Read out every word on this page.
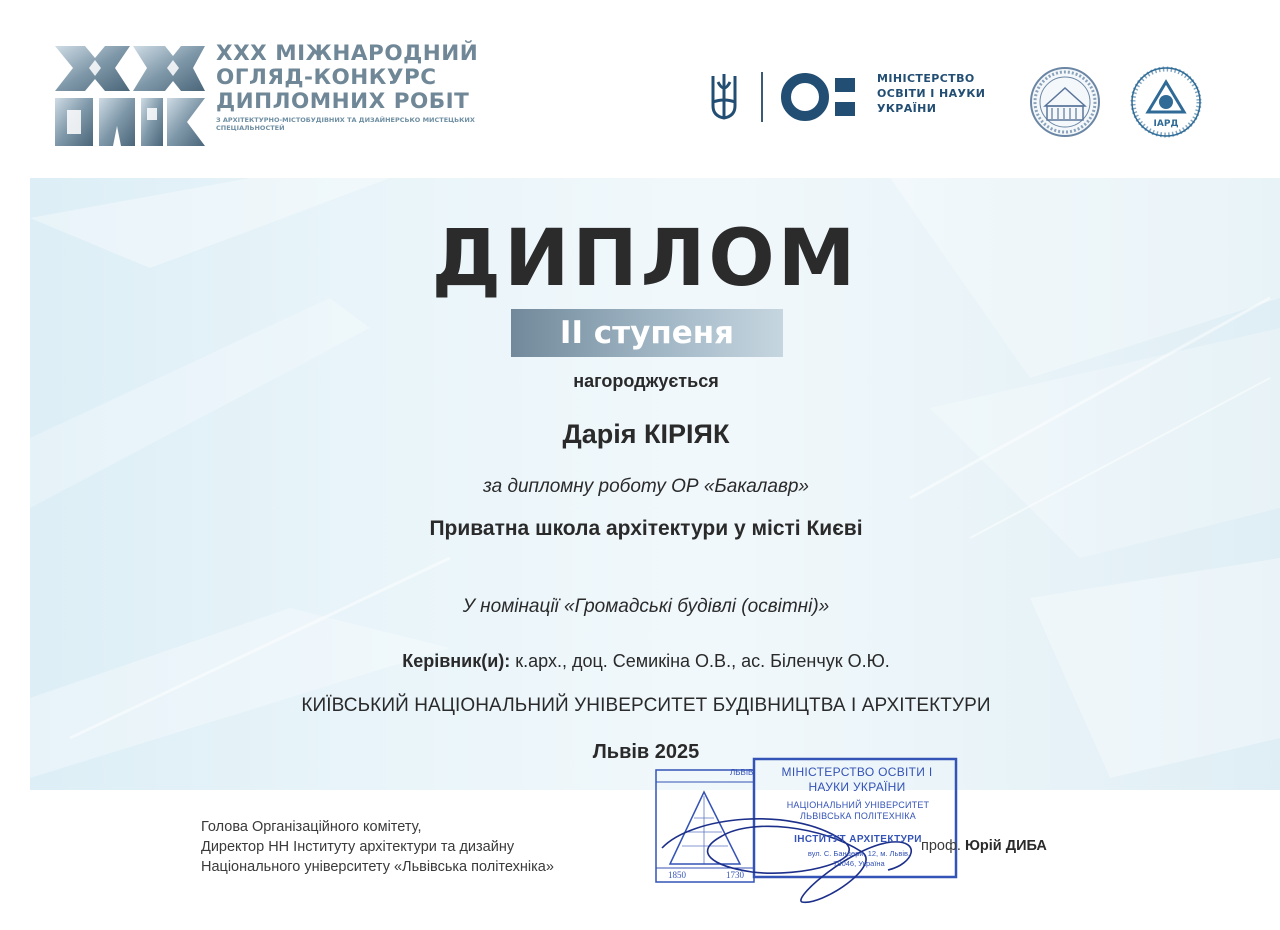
XXX МІЖНАРОДНИЙ
ОГЛЯД-КОНКУРС
ДИПЛОМНИХ РОБІТ
З АРХІТЕКТУРНО-МІСТОБУДІВНИХ ТА ДИЗАЙНЕРСЬКО МИСТЕЦЬКИХ СПЕЦІАЛЬНОСТЕЙ
МІНІСТЕРСТВО
ОСВІТИ І НАУКИ
УКРАЇНИ
ІАРД
ДИПЛОМ
II ступеня
нагороджується
Дарія КІРІЯК
за дипломну роботу ОР «Бакалавр»
Приватна школа архітектури у місті Києві
У номінації «Громадські будівлі (освітні)»
Керівник(и): к.арх., доц. Семикіна О.В., ас. Біленчук О.Ю.
КИЇВСЬКИЙ НАЦІОНАЛЬНИЙ УНІВЕРСИТЕТ БУДІВНИЦТВА І АРХІТЕКТУРИ
Львів 2025
Голова Організаційного комітету,
Директор НН Інституту архітектури та дизайну
Національного університету «Львівська політехніка»
ЛЬВІВ
1850	1730
МІНІСТЕРСТВО ОСВІТИ І
НАУКИ УКРАЇНИ
НАЦІОНАЛЬНИЙ УНІВЕРСИТЕТ
ЛЬВІВСЬКА ПОЛІТЕХНІКА
ІНСТИТУТ АРХІТЕКТУРИ
вул. С. Бандери, 12, м. Львів,
79046, Україна
проф. Юрій ДИБА
